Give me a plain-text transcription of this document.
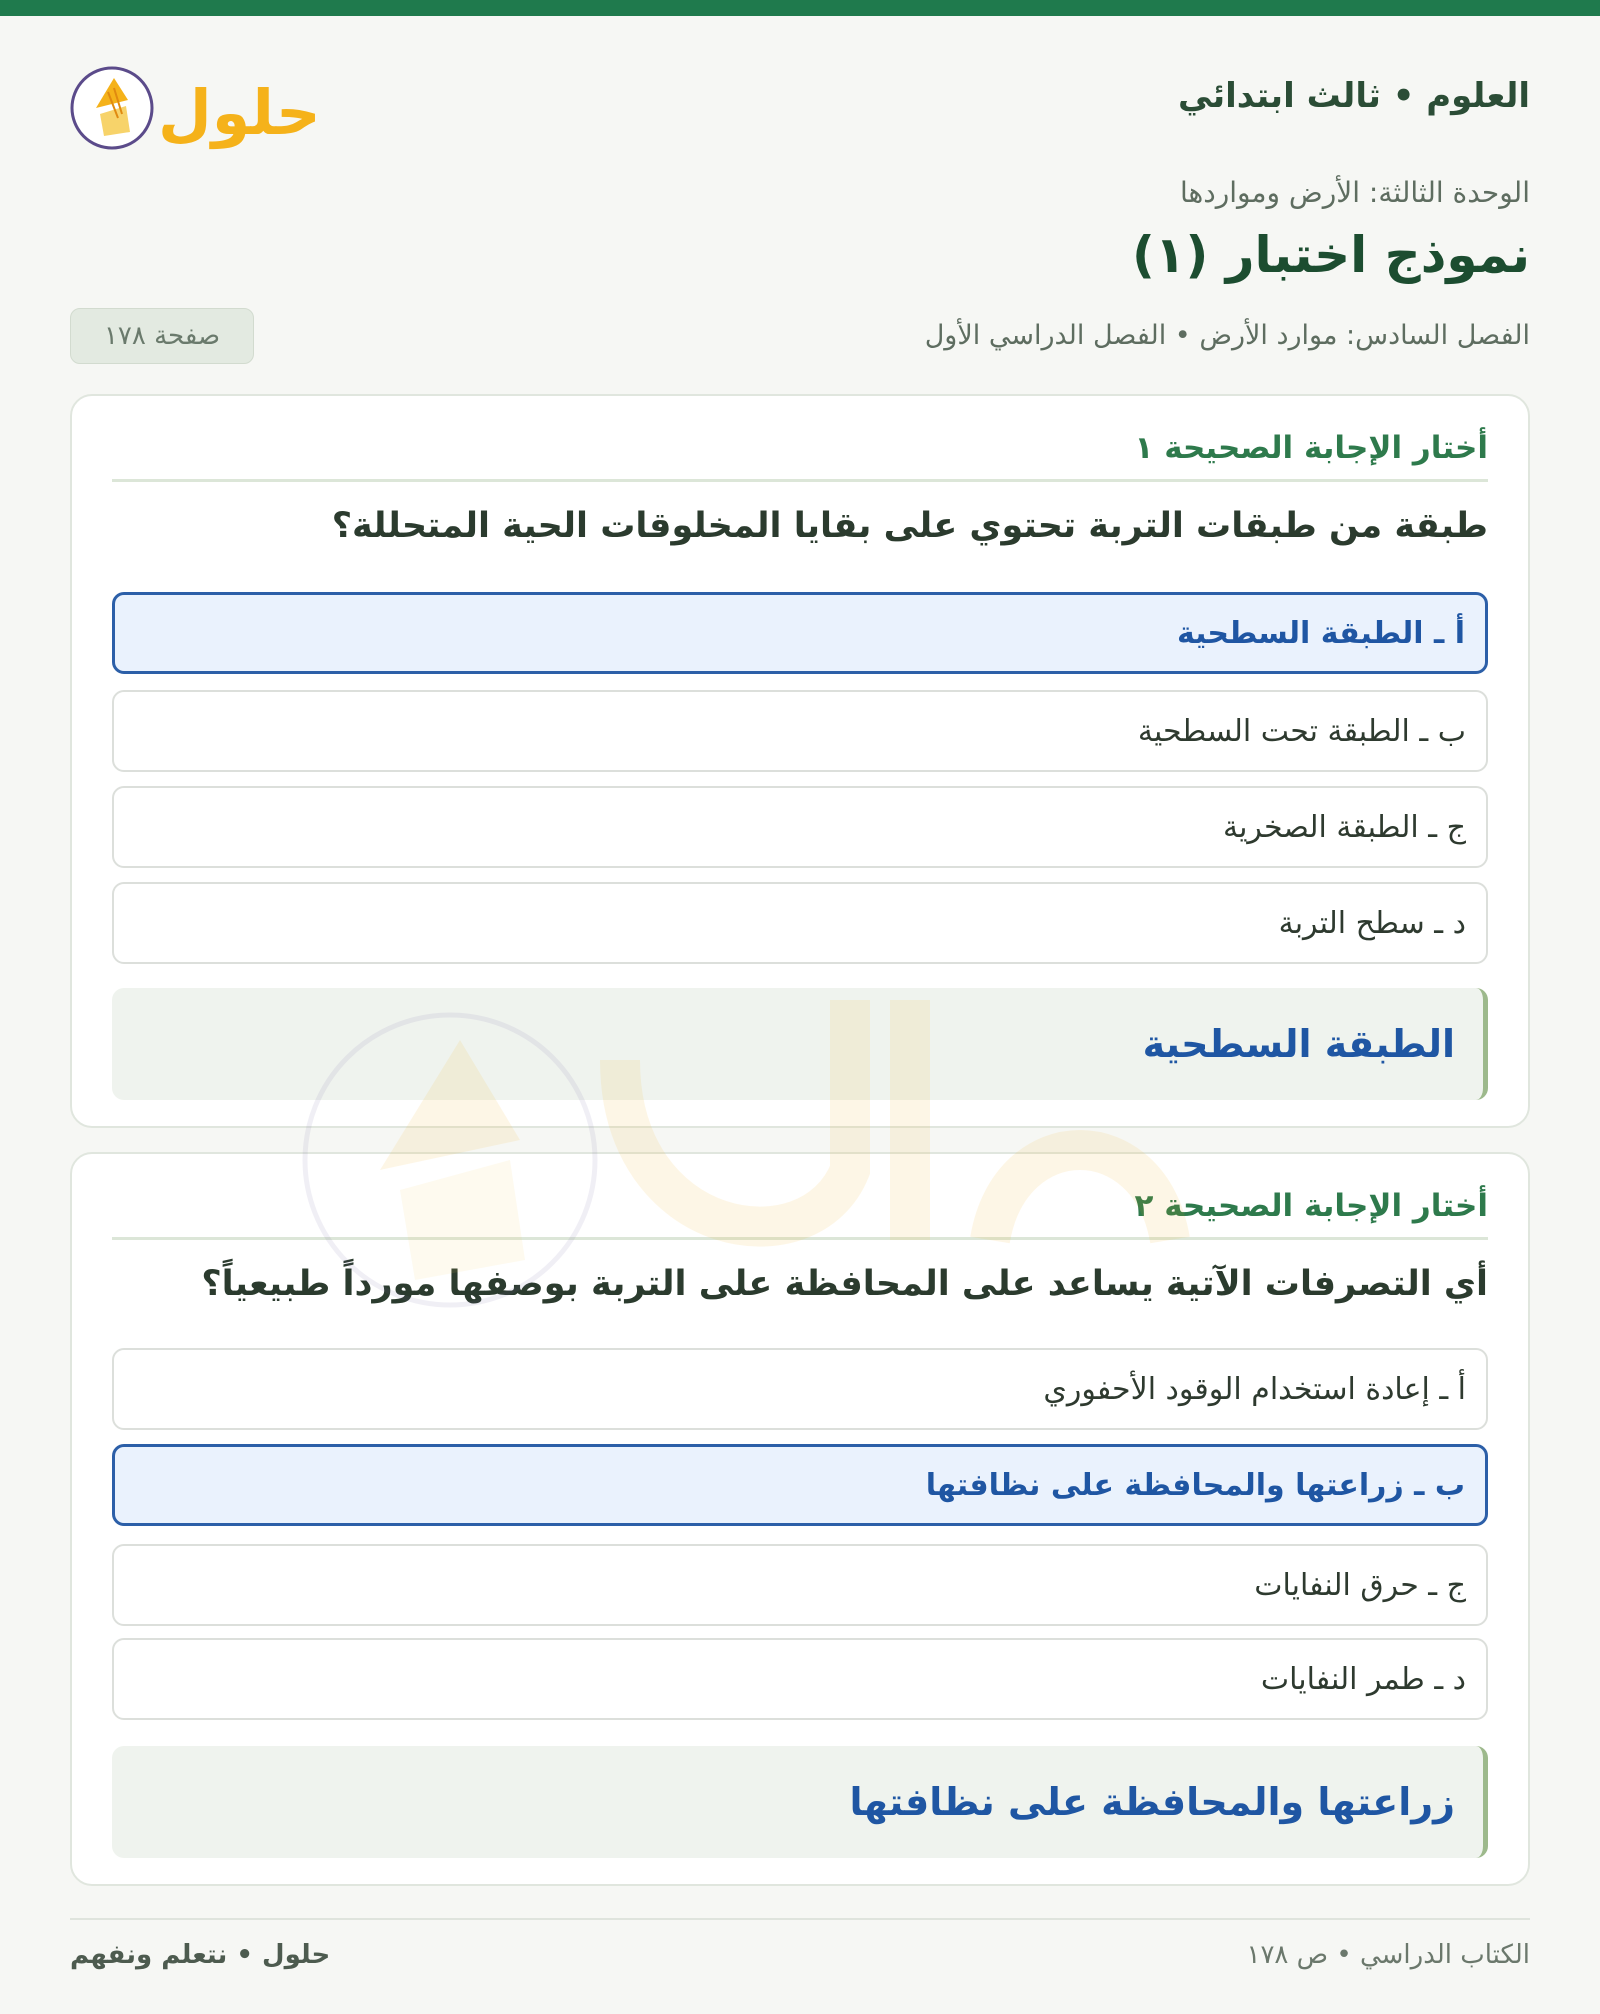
العلوم • ثالث ابتدائي
حلول
الوحدة الثالثة: الأرض ومواردها
نموذج اختبار (١)
الفصل السادس: موارد الأرض • الفصل الدراسي الأول
صفحة ١٧٨
أختار الإجابة الصحيحة ١
طبقة من طبقات التربة تحتوي على بقايا المخلوقات الحية المتحللة؟
أ ـ الطبقة السطحية
ب ـ الطبقة تحت السطحية
ج ـ الطبقة الصخرية
د ـ سطح التربة
الطبقة السطحية
أختار الإجابة الصحيحة ٢
أي التصرفات الآتية يساعد على المحافظة على التربة بوصفها مورداً طبيعياً؟
أ ـ إعادة استخدام الوقود الأحفوري
ب ـ زراعتها والمحافظة على نظافتها
ج ـ حرق النفايات
د ـ طمر النفايات
زراعتها والمحافظة على نظافتها
حلول • نتعلم ونفهم	الكتاب الدراسي • ص ١٧٨
